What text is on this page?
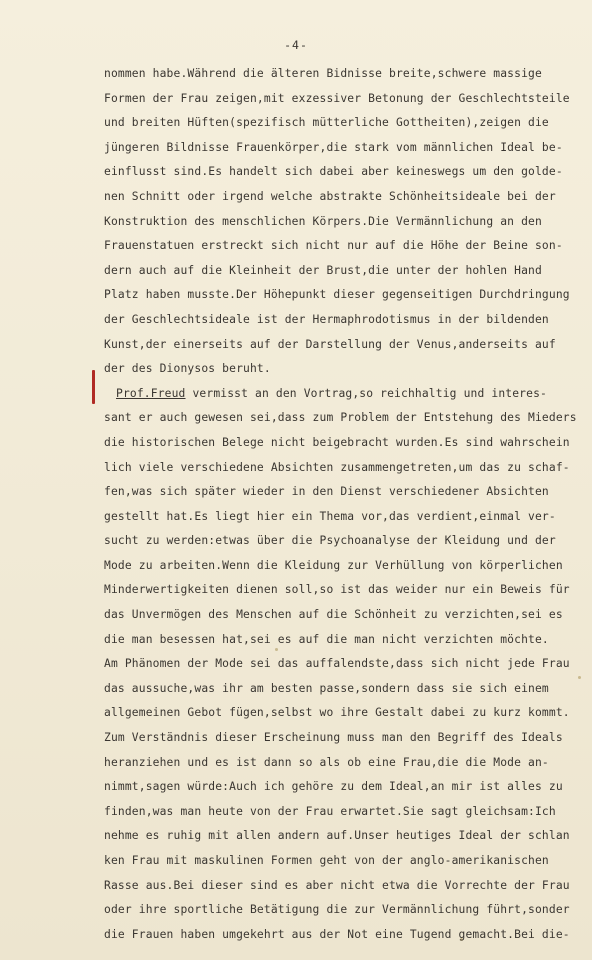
-4-
nommen habe.Während die älteren Bidnisse breite,schwere massige
Formen der Frau zeigen,mit exzessiver Betonung der Geschlechtsteile
und breiten Hüften(spezifisch mütterliche Gottheiten),zeigen die
jüngeren Bildnisse Frauenkörper,die stark vom männlichen Ideal be-
einflusst sind.Es handelt sich dabei aber keineswegs um den golde-
nen Schnitt oder irgend welche abstrakte Schönheitsideale bei der
Konstruktion des menschlichen Körpers.Die Vermännlichung an den
Frauenstatuen erstreckt sich nicht nur auf die Höhe der Beine son-
dern auch auf die Kleinheit der Brust,die unter der hohlen Hand
Platz haben musste.Der Höhepunkt dieser gegenseitigen Durchdringung
der Geschlechtsideale ist der Hermaphrodotismus in der bildenden
Kunst,der einerseits auf der Darstellung der Venus,anderseits auf
der des Dionysos beruht.
Prof.Freud vermisst an den Vortrag,so reichhaltig und interes-
sant er auch gewesen sei,dass zum Problem der Entstehung des Mieders
die historischen Belege nicht beigebracht wurden.Es sind wahrschein
lich viele verschiedene Absichten zusammengetreten,um das zu schaf-
fen,was sich später wieder in den Dienst verschiedener Absichten
gestellt hat.Es liegt hier ein Thema vor,das verdient,einmal ver-
sucht zu werden:etwas über die Psychoanalyse der Kleidung und der
Mode zu arbeiten.Wenn die Kleidung zur Verhüllung von körperlichen
Minderwertigkeiten dienen soll,so ist das weider nur ein Beweis für
das Unvermögen des Menschen auf die Schönheit zu verzichten,sei es
die man besessen hat,sei es auf die man nicht verzichten möchte.
Am Phänomen der Mode sei das auffalendste,dass sich nicht jede Frau
das aussuche,was ihr am besten passe,sondern dass sie sich einem
allgemeinen Gebot fügen,selbst wo ihre Gestalt dabei zu kurz kommt.
Zum Verständnis dieser Erscheinung muss man den Begriff des Ideals
heranziehen und es ist dann so als ob eine Frau,die die Mode an-
nimmt,sagen würde:Auch ich gehöre zu dem Ideal,an mir ist alles zu
finden,was man heute von der Frau erwartet.Sie sagt gleichsam:Ich
nehme es ruhig mit allen andern auf.Unser heutiges Ideal der schlan
ken Frau mit maskulinen Formen geht von der anglo-amerikanischen
Rasse aus.Bei dieser sind es aber nicht etwa die Vorrechte der Frau
oder ihre sportliche Betätigung die zur Vermännlichung führt,sonder
die Frauen haben umgekehrt aus der Not eine Tugend gemacht.Bei die-
